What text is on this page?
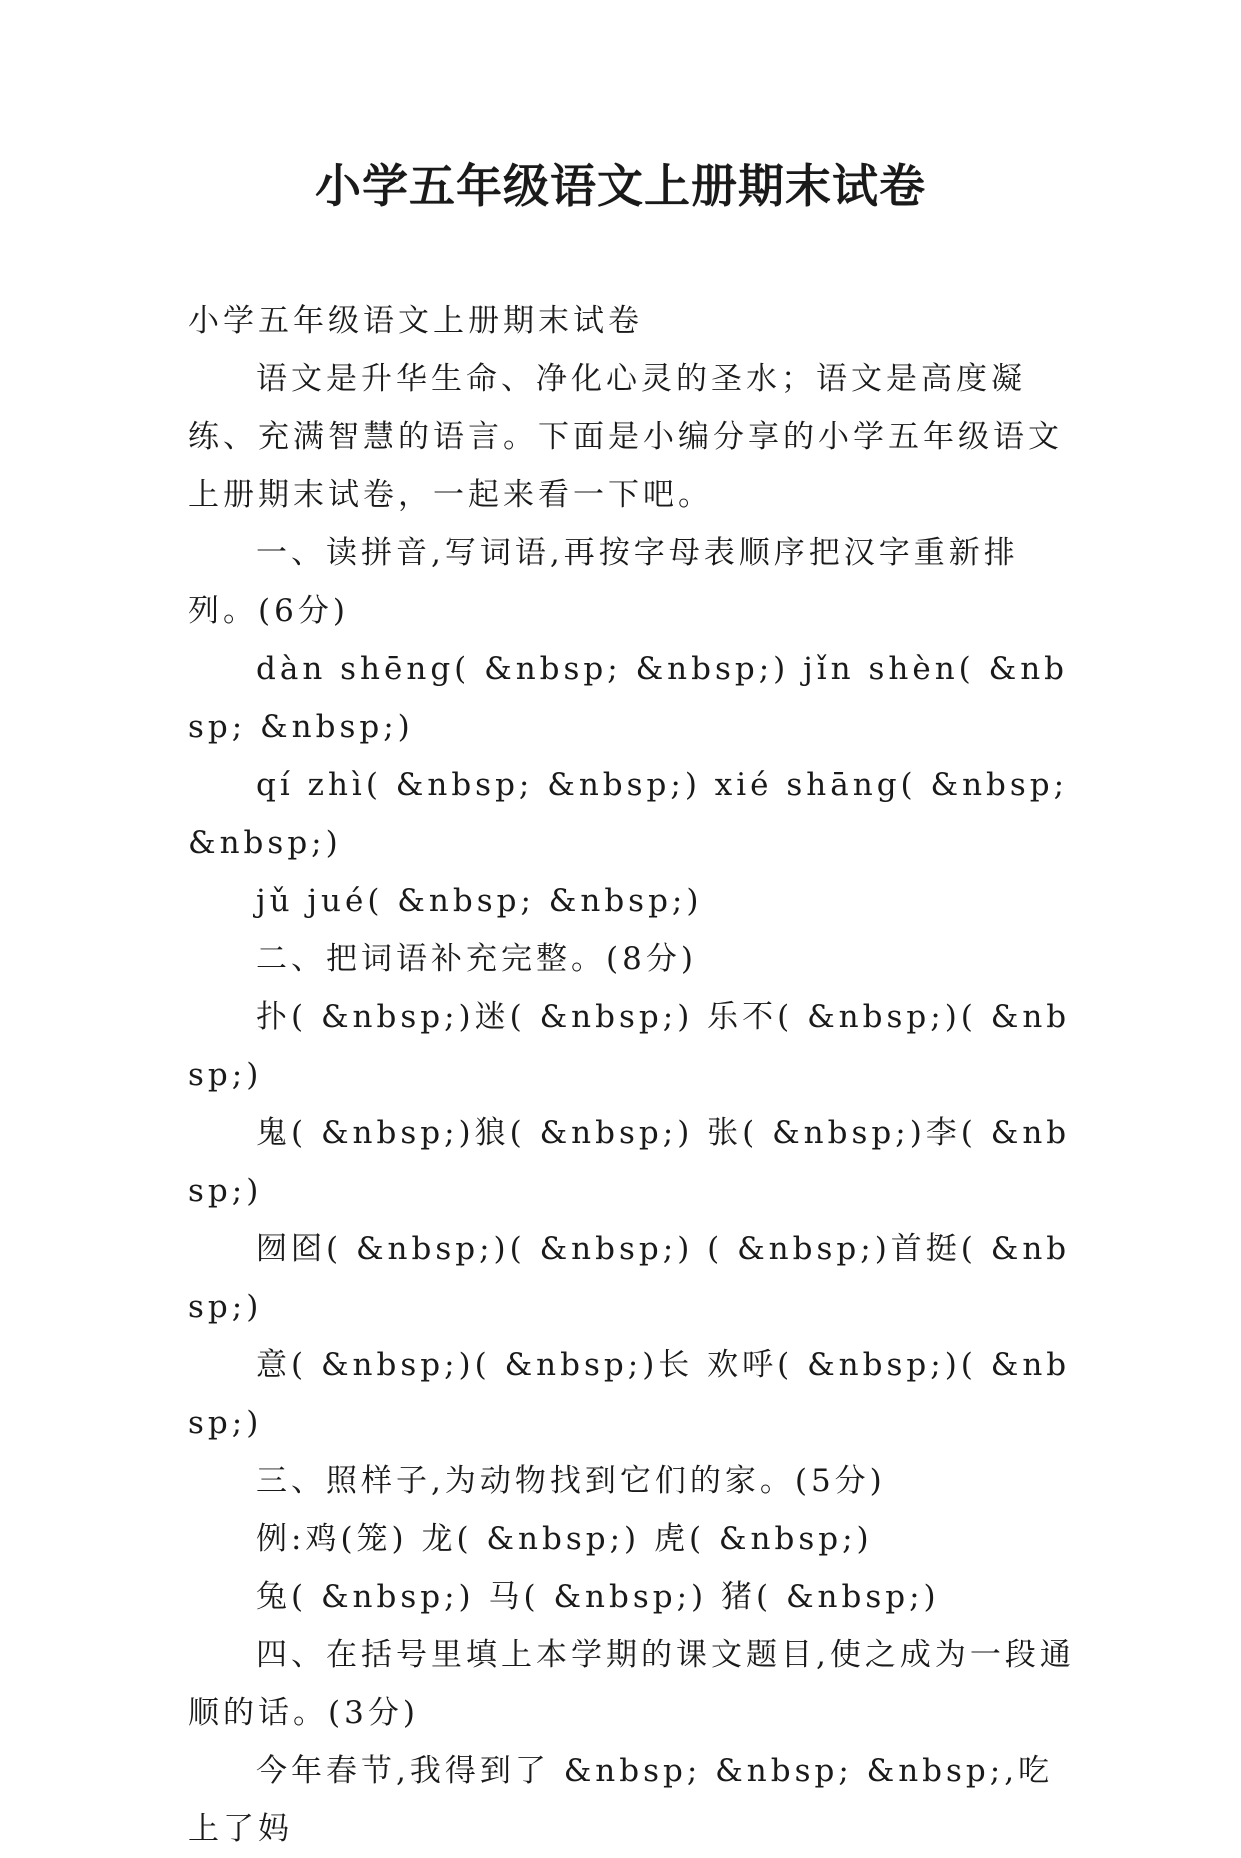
小学五年级语文上册期末试卷

小学五年级语文上册期末试卷

语文是升华生命、净化心灵的圣水；语文是高度凝练、充满智慧的语言。下面是小编分享的小学五年级语文上册期末试卷，一起来看一下吧。

一、读拼音,写词语,再按字母表顺序把汉字重新排列。(6分)

dàn shēng( &nbsp; &nbsp;) jǐn shèn( &nbsp; &nbsp;)

qí zhì( &nbsp; &nbsp;) xié shāng( &nbsp; &nbsp;)

jǔ jué( &nbsp; &nbsp;)

二、把词语补充完整。(8分)

扑( &nbsp;)迷( &nbsp;) 乐不( &nbsp;)( &nbsp;)

鬼( &nbsp;)狼( &nbsp;) 张( &nbsp;)李( &nbsp;)

囫囵( &nbsp;)( &nbsp;) ( &nbsp;)首挺( &nbsp;)

意( &nbsp;)( &nbsp;)长 欢呼( &nbsp;)( &nbsp;)

三、照样子,为动物找到它们的家。(5分)

例:鸡(笼) 龙( &nbsp;) 虎( &nbsp;)

兔( &nbsp;) 马( &nbsp;) 猪( &nbsp;)

四、在括号里填上本学期的课文题目,使之成为一段通顺的话。(3分)

今年春节,我得到了 &nbsp; &nbsp; &nbsp;,吃上了妈
